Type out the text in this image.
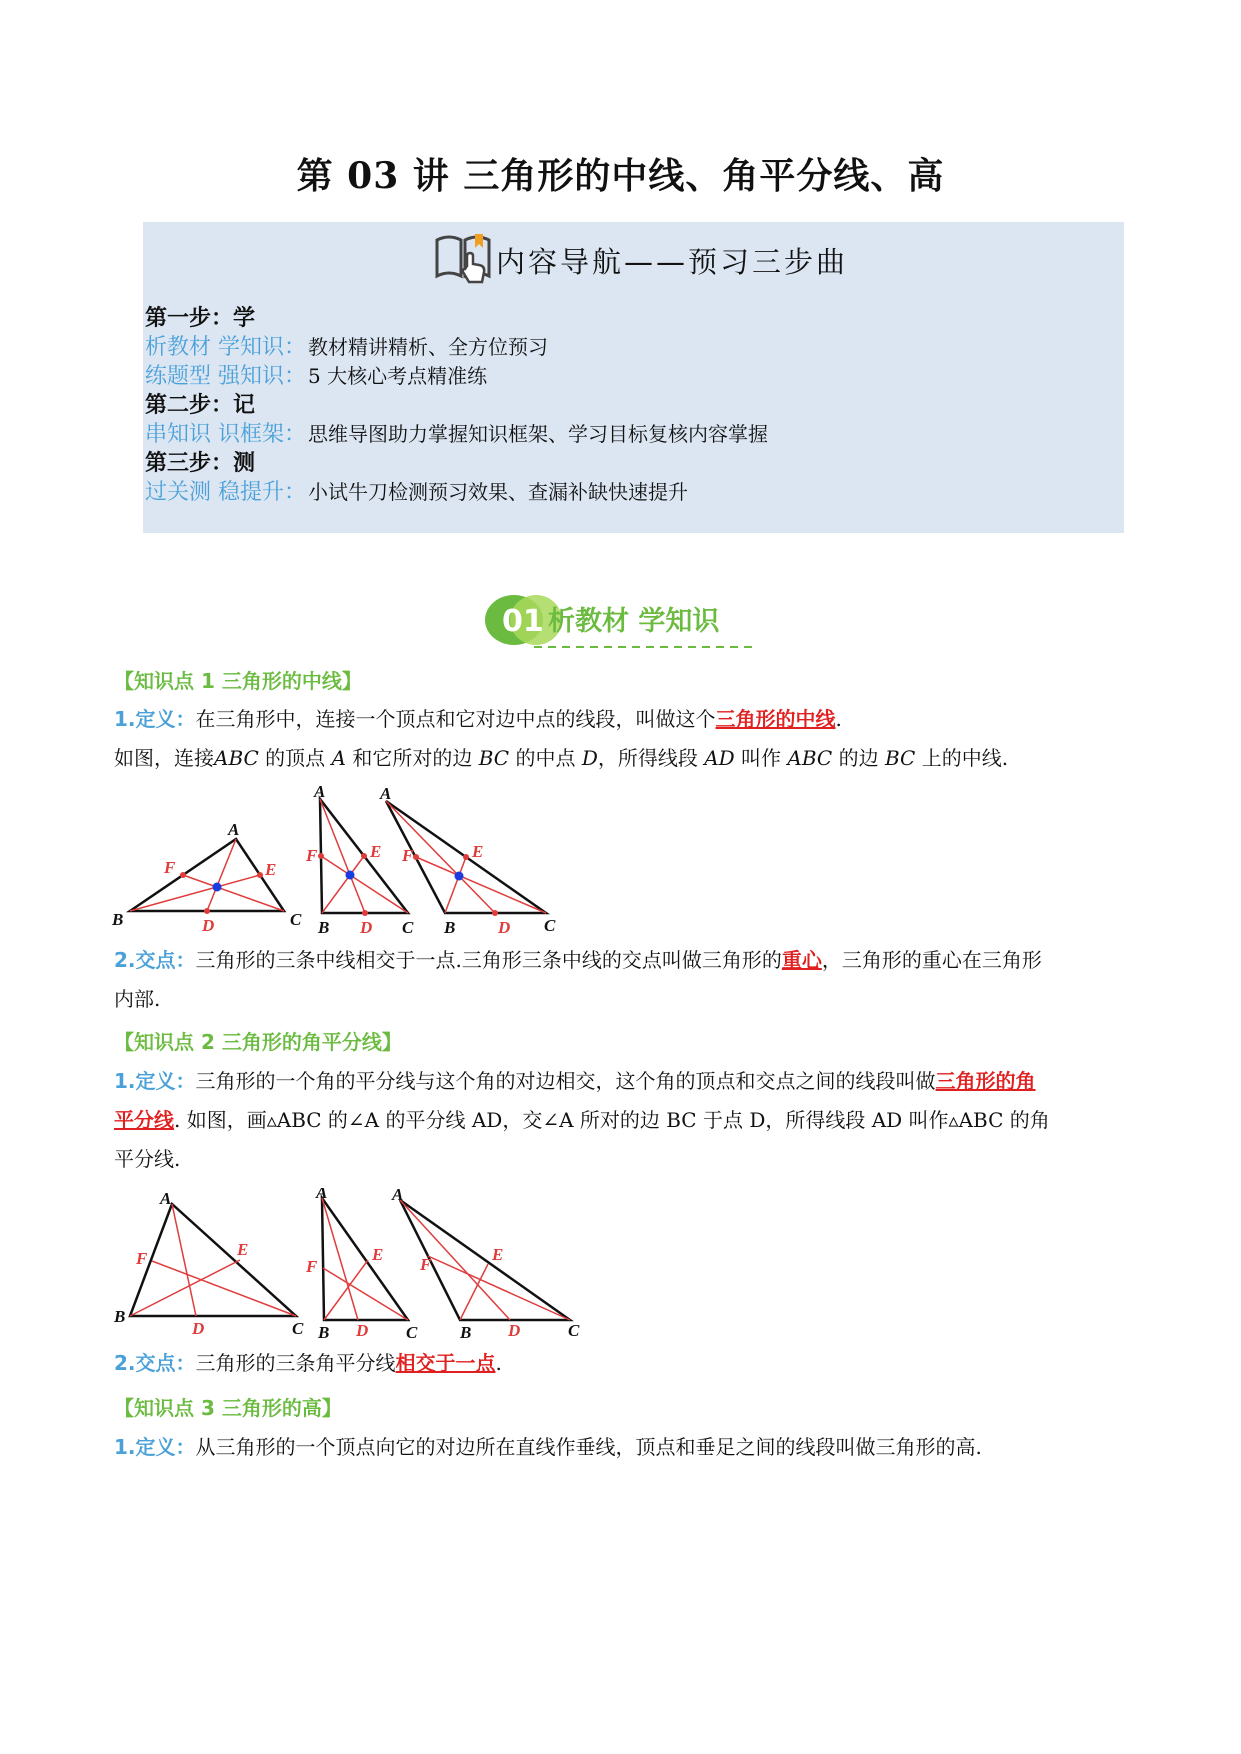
第 03 讲 三角形的中线、角平分线、高
内容导航——预习三步曲
第一步：学
析教材 学知识： 教材精讲精析、全方位预习
练题型 强知识： 5 大核心考点精准练
第二步：记
串知识 识框架： 思维导图助力掌握知识框架、学习目标复核内容掌握
第三步：测
过关测 稳提升： 小试牛刀检测预习效果、查漏补缺快速提升
01 析教材 学知识
【知识点 1 三角形的中线】
1.定义：在三角形中，连接一个顶点和它对边中点的线段，叫做这个三角形的中线.
如图，连接ABC 的顶点 A 和它所对的边 BC 的中点 D，所得线段 AD 叫作 ABC 的边 BC 上的中线.
A
B	C
D
E
F
A
B	C
D
E
F
A
B	C
D
E
F
2.交点：三角形的三条中线相交于一点.三角形三条中线的交点叫做三角形的重心，三角形的重心在三角形
内部.
【知识点 2 三角形的角平分线】
1.定义：三角形的一个角的平分线与这个角的对边相交，这个角的顶点和交点之间的线段叫做三角形的角
平分线. 如图，画▵ABC 的∠A 的平分线 AD，交∠A 所对的边 BC 于点 D，所得线段 AD 叫作▵ABC 的角
平分线.
A
B
C
D
E
F
A
B	C
D
E
F
A
B	C
D
E
F
2.交点：三角形的三条角平分线相交于一点.
【知识点 3 三角形的高】
1.定义：从三角形的一个顶点向它的对边所在直线作垂线，顶点和垂足之间的线段叫做三角形的高.
